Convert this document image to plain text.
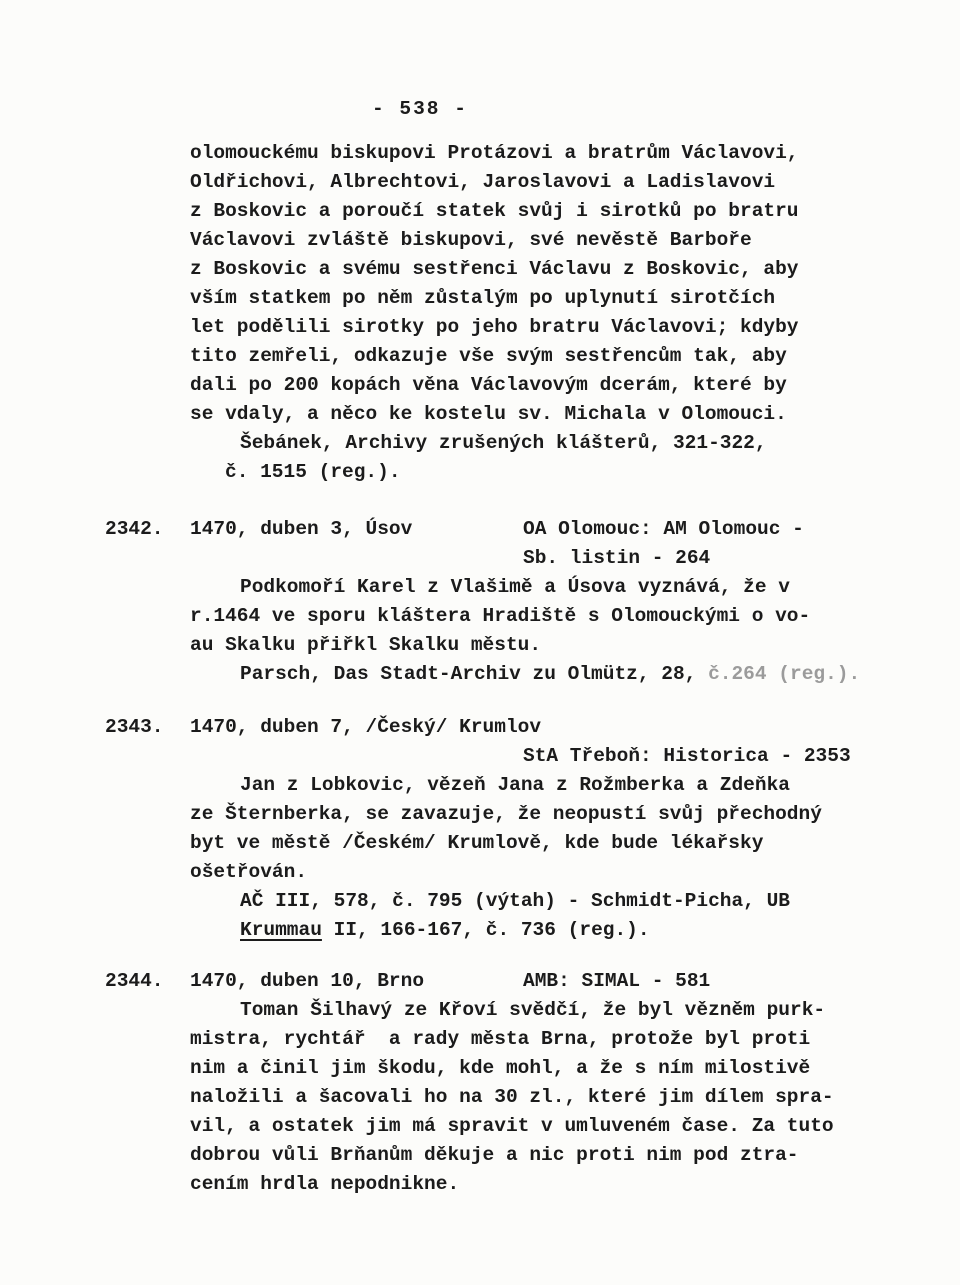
- 538 -
olomouckému biskupovi Protázovi a bratrům Václavovi,
Oldřichovi, Albrechtovi, Jaroslavovi a Ladislavovi
z Boskovic a poroučí statek svůj i sirotků po bratru
Václavovi zvláště biskupovi, své nevěstě Barboře
z Boskovic a svému sestřenci Václavu z Boskovic, aby
vším statkem po něm zůstalým po uplynutí sirotčích
let podělili sirotky po jeho bratru Václavovi; kdyby
tito zemřeli, odkazuje vše svým sestřencům tak, aby
dali po 200 kopách věna Václavovým dcerám, které by
se vdaly, a něco ke kostelu sv. Michala v Olomouci.
Šebánek, Archivy zrušených klášterů, 321-322,
č. 1515 (reg.).
2342. 1470, duben 3, Úsov	OA Olomouc: AM Olomouc -
Sb. listin - 264
Podkomoří Karel z Vlašimě a Úsova vyznává, že v
r.1464 ve sporu kláštera Hradiště s Olomouckými o vo-
au Skalku přiřkl Skalku městu.
Parsch, Das Stadt-Archiv zu Olmütz, 28, č.264 (reg.).
2343. 1470, duben 7, /Český/ Krumlov
StA Třeboň: Historica - 2353
Jan z Lobkovic, vězeň Jana z Rožmberka a Zdeňka
ze Šternberka, se zavazuje, že neopustí svůj přechodný
byt ve městě /Českém/ Krumlově, kde bude lékařsky
ošetřován.
AČ III, 578, č. 795 (výtah) - Schmidt-Picha, UB
Krummau II, 166-167, č. 736 (reg.).
2344. 1470, duben 10, Brno	AMB: SIMAL - 581
Toman Šilhavý ze Křoví svědčí, že byl vězněm purk-
mistra, rychtář  a rady města Brna, protože byl proti
nim a činil jim škodu, kde mohl, a že s ním milostivě
naložili a šacovali ho na 30 zl., které jim dílem spra-
vil, a ostatek jim má spravit v umluveném čase. Za tuto
dobrou vůli Brňanům děkuje a nic proti nim pod ztra-
cením hrdla nepodnikne.
